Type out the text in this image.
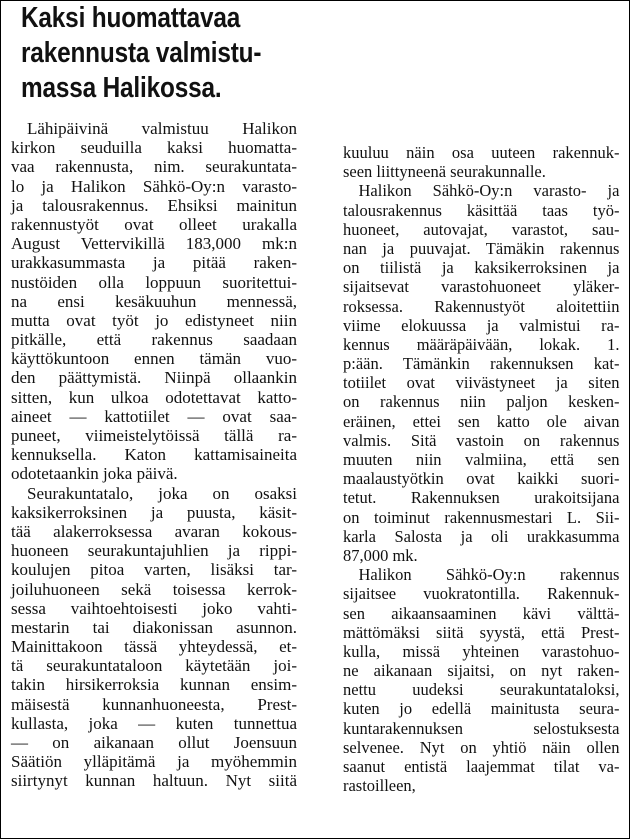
Kaksi huomattavaa
rakennusta valmistu-
massa Halikossa.
Lähipäivinä valmistuu Halikon
kirkon seuduilla kaksi huomatta-
vaa rakennusta, nim. seurakuntata-
lo ja Halikon Sähkö-Oy:n varasto-
ja talousrakennus. Ehsiksi mainitun
rakennustyöt ovat olleet urakalla
August Vettervikillä 183,000 mk:n
urakkasummasta ja pitää raken-
nustöiden olla loppuun suoritettui-
na ensi kesäkuuhun mennessä,
mutta ovat työt jo edistyneet niin
pitkälle, että rakennus saadaan
käyttökuntoon ennen tämän vuo-
den päättymistä. Niinpä ollaankin
sitten, kun ulkoa odotettavat katto-
aineet — kattotiilet — ovat saa-
puneet, viimeistelytöissä tällä ra-
kennuksella. Katon kattamisaineita
odotetaankin joka päivä.
Seurakuntatalo, joka on osaksi
kaksikerroksinen ja puusta, käsit-
tää alakerroksessa avaran kokous-
huoneen seurakuntajuhlien ja rippi-
koulujen pitoa varten, lisäksi tar-
joiluhuoneen sekä toisessa kerrok-
sessa vaihtoehtoisesti joko vahti-
mestarin tai diakonissan asunnon.
Mainittakoon tässä yhteydessä, et-
tä seurakuntataloon käytetään joi-
takin hirsikerroksia kunnan ensim-
mäisestä kunnanhuoneesta, Prest-
kullasta, joka — kuten tunnettua
— on aikanaan ollut Joensuun
Säätiön ylläpitämä ja myöhemmin
siirtynyt kunnan haltuun. Nyt siitä
kuuluu näin osa uuteen rakennuk-
seen liittyneenä seurakunnalle.
Halikon Sähkö-Oy:n varasto- ja
talousrakennus käsittää taas työ-
huoneet, autovajat, varastot, sau-
nan ja puuvajat. Tämäkin rakennus
on tiilistä ja kaksikerroksinen ja
sijaitsevat varastohuoneet yläker-
roksessa. Rakennustyöt aloitettiin
viime elokuussa ja valmistui ra-
kennus määräpäivään, lokak. 1.
p:ään. Tämänkin rakennuksen kat-
totiilet ovat viivästyneet ja siten
on rakennus niin paljon kesken-
eräinen, ettei sen katto ole aivan
valmis. Sitä vastoin on rakennus
muuten niin valmiina, että sen
maalaustyötkin ovat kaikki suori-
tetut. Rakennuksen urakoitsijana
on toiminut rakennusmestari L. Sii-
karla Salosta ja oli urakkasumma
87,000 mk.
Halikon Sähkö-Oy:n rakennus
sijaitsee vuokratontilla. Rakennuk-
sen aikaansaaminen kävi välttä-
mättömäksi siitä syystä, että Prest-
kulla, missä yhteinen varastohuo-
ne aikanaan sijaitsi, on nyt raken-
nettu uudeksi seurakuntataloksi,
kuten jo edellä mainitusta seura-
kuntarakennuksen selostuksesta
selvenee. Nyt on yhtiö näin ollen
saanut entistä laajemmat tilat va-
rastoilleen,
